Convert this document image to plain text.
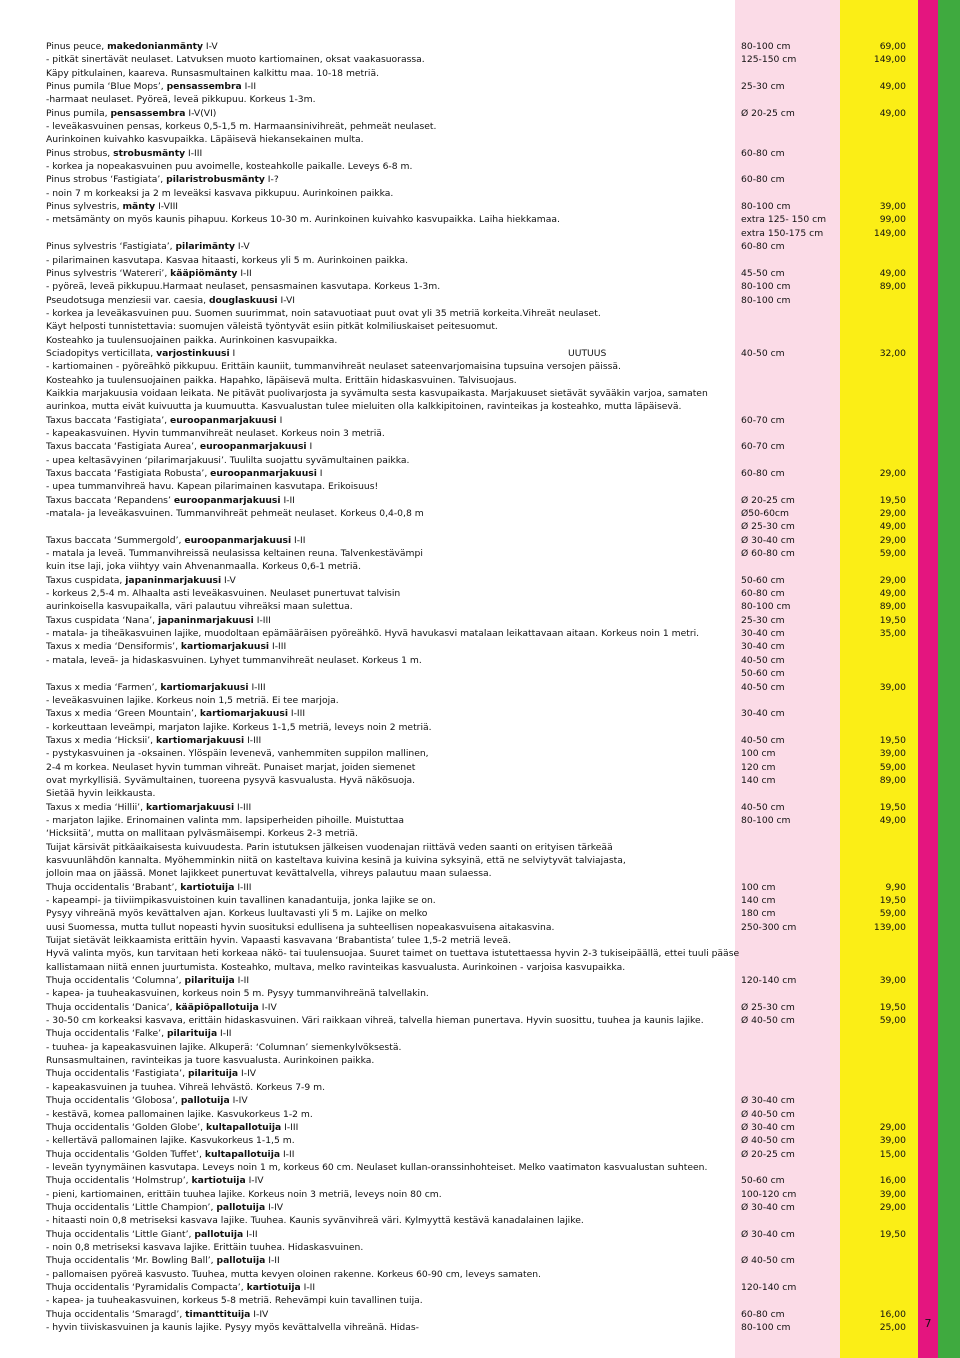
Pinus peuce, makedonianmänty I-V	80-100 cm	69,00
- pitkät sinertävät neulaset. Latvuksen muoto kartiomainen, oksat vaakasuorassa.	125-150 cm	149,00
Käpy pitkulainen, kaareva. Runsasmultainen kalkittu maa. 10-18 metriä.
Pinus pumila ‘Blue Mops’, pensassembra I-II	25-30 cm	49,00
-harmaat neulaset. Pyöreä, leveä pikkupuu. Korkeus 1-3m.
Pinus pumila, pensassembra I-V(VI)	Ø 20-25 cm	49,00
- leveäkasvuinen pensas, korkeus 0,5-1,5 m. Harmaansinivihreät, pehmeät neulaset.
Aurinkoinen kuivahko kasvupaikka. Läpäisevä hiekansekainen multa.
Pinus strobus, strobusmänty I-III	60-80 cm
- korkea ja nopeakasvuinen puu avoimelle, kosteahkolle paikalle. Leveys 6-8 m.
Pinus strobus ‘Fastigiata’, pilaristrobusmänty I-?	60-80 cm
- noin 7 m korkeaksi ja 2 m leveäksi kasvava pikkupuu. Aurinkoinen paikka.
Pinus sylvestris, mänty I-VIII	80-100 cm	39,00
- metsämänty on myös kaunis pihapuu. Korkeus 10-30 m. Aurinkoinen kuivahko kasvupaikka. Laiha hiekkamaa.	extra 125- 150 cm	99,00
extra 150-175 cm	149,00
Pinus sylvestris ‘Fastigiata’, pilarimänty I-V	60-80 cm
- pilarimainen kasvutapa. Kasvaa hitaasti, korkeus yli 5 m. Aurinkoinen paikka.
Pinus sylvestris ‘Watereri’, kääpiömänty I-II	45-50 cm	49,00
- pyöreä, leveä pikkupuu.Harmaat neulaset, pensasmainen kasvutapa. Korkeus 1-3m.	80-100 cm	89,00
Pseudotsuga menziesii var. caesia, douglaskuusi I-VI	80-100 cm
- korkea ja leveäkasvuinen puu. Suomen suurimmat, noin satavuotiaat puut ovat yli 35 metriä korkeita.Vihreät neulaset.
Käyt helposti tunnistettavia: suomujen väleistä työntyvät esiin pitkät kolmiliuskaiset peitesuomut.
Kosteahko ja tuulensuojainen paikka. Aurinkoinen kasvupaikka.
Sciadopitys verticillata, varjostinkuusi I	UUTUUS	40-50 cm	32,00
- kartiomainen - pyöreähkö pikkupuu. Erittäin kauniit, tummanvihreät neulaset sateenvarjomaisina tupsuina versojen päissä.
Kosteahko ja tuulensuojainen paikka. Hapahko, läpäisevä multa. Erittäin hidaskasvuinen. Talvisuojaus.
Kaikkia marjakuusia voidaan leikata. Ne pitävät puolivarjosta ja syvämulta sesta kasvupaikasta. Marjakuuset sietävät syvääkin varjoa, samaten
aurinkoa, mutta eivät kuivuutta ja kuumuutta. Kasvualustan tulee mieluiten olla kalkkipitoinen, ravinteikas ja kosteahko, mutta läpäisevä.
Taxus baccata ‘Fastigiata’, euroopanmarjakuusi I	60-70 cm
- kapeakasvuinen. Hyvin tummanvihreät neulaset. Korkeus noin 3 metriä.
Taxus baccata ‘Fastigiata Aurea’, euroopanmarjakuusi I	60-70 cm
- upea keltasävyinen ‘pilarimarjakuusi’. Tuulilta suojattu syvämultainen paikka.
Taxus baccata ‘Fastigiata Robusta’, euroopanmarjakuusi I	60-80 cm	29,00
- upea tummanvihreä havu. Kapean pilarimainen kasvutapa. Erikoisuus!
Taxus baccata ‘Repandens’ euroopanmarjakuusi I-II	Ø 20-25 cm	19,50
-matala- ja leveäkasvuinen. Tummanvihreät pehmeät neulaset. Korkeus 0,4-0,8 m	Ø50-60cm	29,00
Ø 25-30 cm	49,00
Taxus baccata ‘Summergold’, euroopanmarjakuusi I-II	Ø 30-40 cm	29,00
- matala ja leveä. Tummanvihreissä neulasissa keltainen reuna. Talvenkestävämpi	Ø 60-80 cm	59,00
kuin itse laji, joka viihtyy vain Ahvenanmaalla. Korkeus 0,6-1 metriä.
Taxus cuspidata, japaninmarjakuusi I-V	50-60 cm	29,00
- korkeus 2,5-4 m. Alhaalta asti leveäkasvuinen. Neulaset punertuvat talvisin	60-80 cm	49,00
aurinkoisella kasvupaikalla, väri palautuu vihreäksi maan sulettua.	80-100 cm	89,00
Taxus cuspidata ‘Nana’, japaninmarjakuusi I-III	25-30 cm	19,50
- matala- ja tiheäkasvuinen lajike, muodoltaan epämääräisen pyöreähkö. Hyvä havukasvi matalaan leikattavaan aitaan. Korkeus noin 1 metri.	30-40 cm	35,00
Taxus x media ‘Densiformis’, kartiomarjakuusi I-III	30-40 cm
- matala, leveä- ja hidaskasvuinen. Lyhyet tummanvihreät neulaset. Korkeus 1 m.	40-50 cm
50-60 cm
Taxus x media ‘Farmen’, kartiomarjakuusi I-III	40-50 cm	39,00
- leveäkasvuinen lajike. Korkeus noin 1,5 metriä. Ei tee marjoja.
Taxus x media ‘Green Mountain’, kartiomarjakuusi I-III	30-40 cm
- korkeuttaan leveämpi, marjaton lajike. Korkeus 1-1,5 metriä, leveys noin 2 metriä.
Taxus x media ‘Hicksii’, kartiomarjakuusi I-III	40-50 cm	19,50
- pystykasvuinen ja -oksainen. Ylöspäin levenevä, vanhemmiten suppilon mallinen,	100 cm	39,00
2-4 m korkea. Neulaset hyvin tumman vihreät. Punaiset marjat, joiden siemenet	120 cm	59,00
ovat myrkyllisiä. Syvämultainen, tuoreena pysyvä kasvualusta. Hyvä näkösuoja.	140 cm	89,00
Sietää hyvin leikkausta.
Taxus x media ‘Hillii’, kartiomarjakuusi I-III	40-50 cm	19,50
- marjaton lajike. Erinomainen valinta mm. lapsiperheiden pihoille. Muistuttaa	80-100 cm	49,00
‘Hicksiitä’, mutta on mallitaan pylväsmäisempi. Korkeus 2-3 metriä.
Tuijat kärsivät pitkäaikaisesta kuivuudesta. Parin istutuksen jälkeisen vuodenajan riittävä veden saanti on erityisen tärkeää
kasvuunlähdön kannalta. Myöhemminkin niitä on kasteltava kuivina kesinä ja kuivina syksyinä, että ne selviytyvät talviajasta,
jolloin maa on jäässä. Monet lajikkeet punertuvat kevättalvella, vihreys palautuu maan sulaessa.
Thuja occidentalis ‘Brabant’, kartiotuija I-III	100 cm	9,90
- kapeampi- ja tiiviimpikasvuistoinen kuin tavallinen kanadantuija, jonka lajike se on.	140 cm	19,50
Pysyy vihreänä myös kevättalven ajan. Korkeus luultavasti yli 5 m. Lajike on melko	180 cm	59,00
uusi Suomessa, mutta tullut nopeasti hyvin suosituksi edullisena ja suhteellisen nopeakasvuisena aitakasvina.	250-300 cm	139,00
Tuijat sietävät leikkaamista erittäin hyvin. Vapaasti kasvavana ‘Brabantista’ tulee 1,5-2 metriä leveä.
Hyvä valinta myös, kun tarvitaan heti korkeaa näkö- tai tuulensuojaa. Suuret taimet on tuettava istutettaessa hyvin 2-3 tukiseipäällä, ettei tuuli pääse
kallistamaan niitä ennen juurtumista. Kosteahko, multava, melko ravinteikas kasvualusta. Aurinkoinen - varjoisa kasvupaikka.
Thuja occidentalis ‘Columna’, pilarituija I-II	120-140 cm	39,00
- kapea- ja tuuheakasvuinen, korkeus noin 5 m. Pysyy tummanvihreänä talvellakin.
Thuja occidentalis ‘Danica’, kääpiöpallotuija I-IV	Ø 25-30 cm	19,50
- 30-50 cm korkeaksi kasvava, erittäin hidaskasvuinen. Väri raikkaan vihreä, talvella hieman punertava. Hyvin suosittu, tuuhea ja kaunis lajike.	Ø 40-50 cm	59,00
Thuja occidentalis ‘Falke’, pilarituija I-II
- tuuhea- ja kapeakasvuinen lajike. Alkuperä: ‘Columnan’ siemenkylvöksestä.
Runsasmultainen, ravinteikas ja tuore kasvualusta. Aurinkoinen paikka.
Thuja occidentalis ‘Fastigiata’, pilarituija I-IV
- kapeakasvuinen ja tuuhea. Vihreä lehvästö. Korkeus 7-9 m.
Thuja occidentalis ‘Globosa’, pallotuija I-IV	Ø 30-40 cm
- kestävä, komea pallomainen lajike. Kasvukorkeus 1-2 m.	Ø 40-50 cm
Thuja occidentalis ‘Golden Globe’, kultapallotuija I-III	Ø 30-40 cm	29,00
- kellertävä pallomainen lajike. Kasvukorkeus 1-1,5 m.	Ø 40-50 cm	39,00
Thuja occidentalis ‘Golden Tuffet’, kultapallotuija I-II	Ø 20-25 cm	15,00
- leveän tyynymäinen kasvutapa. Leveys noin 1 m, korkeus 60 cm. Neulaset kullan-oranssinhohteiset. Melko vaatimaton kasvualustan suhteen.
Thuja occidentalis ‘Holmstrup’, kartiotuija I-IV	50-60 cm	16,00
- pieni, kartiomainen, erittäin tuuhea lajike. Korkeus noin 3 metriä, leveys noin 80 cm.	100-120 cm	39,00
Thuja occidentalis ‘Little Champion’, pallotuija I-IV	Ø 30-40 cm	29,00
- hitaasti noin 0,8 metriseksi kasvava lajike. Tuuhea. Kaunis syvänvihreä väri. Kylmyyttä kestävä kanadalainen lajike.
Thuja occidentalis ‘Little Giant’, pallotuija I-II	Ø 30-40 cm	19,50
- noin 0,8 metriseksi kasvava lajike. Erittäin tuuhea. Hidaskasvuinen.
Thuja occidentalis ‘Mr. Bowling Ball’, pallotuija I-II	Ø 40-50 cm
- pallomaisen pyöreä kasvusto. Tuuhea, mutta kevyen oloinen rakenne. Korkeus 60-90 cm, leveys samaten.
Thuja occidentalis ‘Pyramidalis Compacta’, kartiotuija I-II	120-140 cm
- kapea- ja tuuheakasvuinen, korkeus 5-8 metriä. Rehevämpi kuin tavallinen tuija.
Thuja occidentalis ‘Smaragd’, timanttituija I-IV	60-80 cm	16,00
- hyvin tiiviskasvuinen ja kaunis lajike. Pysyy myös kevättalvella vihreänä. Hidas-	80-100 cm	25,00	7
